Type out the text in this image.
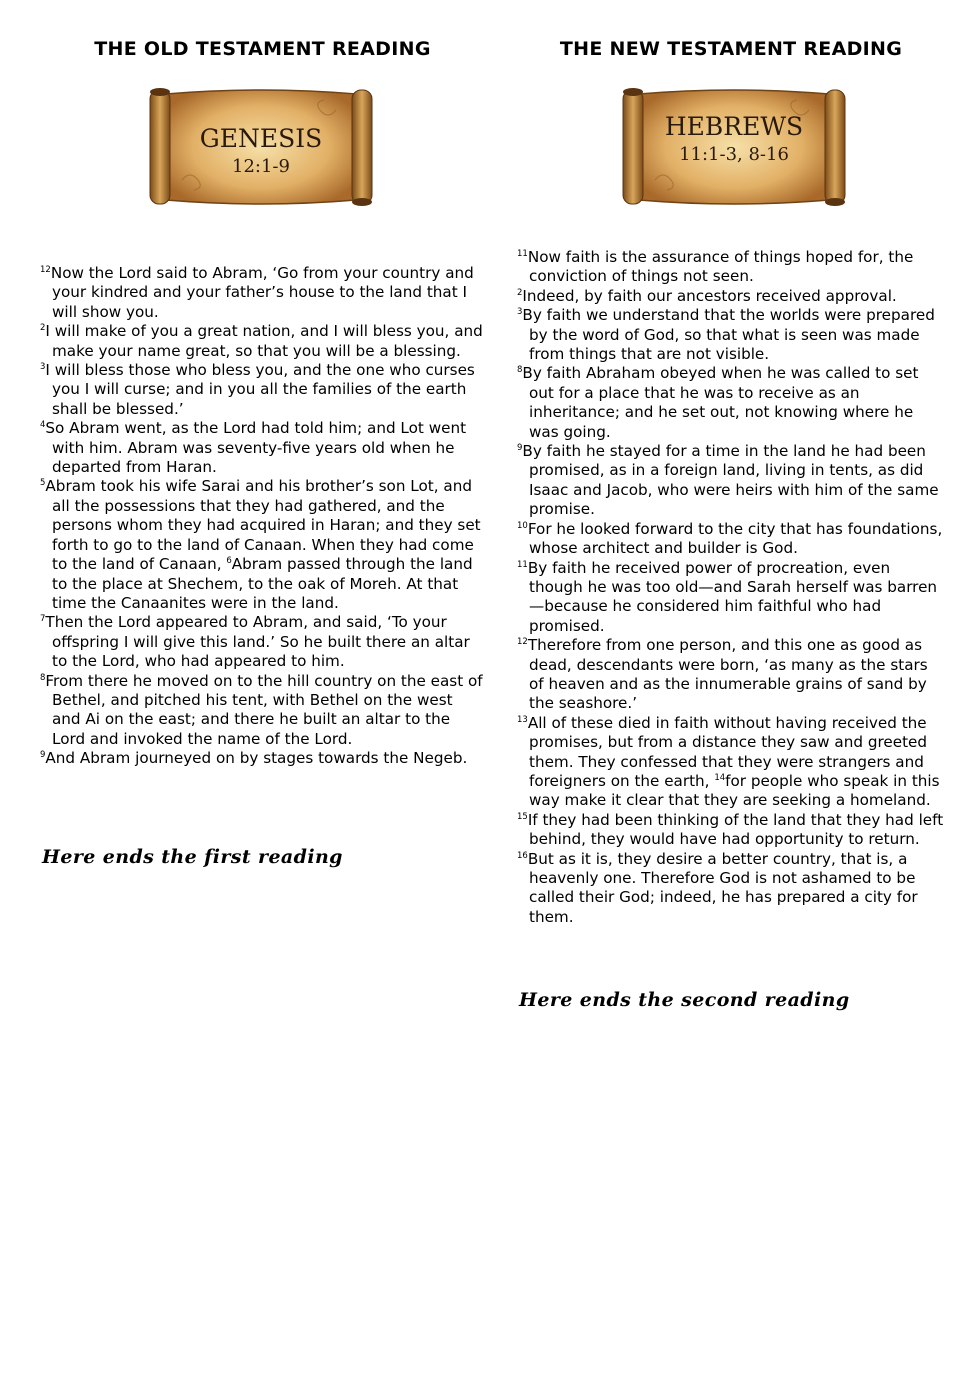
THE OLD TESTAMENT READING
GENESIS
12:1-9

$^{12}$Now the Lord said to Abram, ‘Go from your country and your kindred and your father’s house to the land that I will show you.

$^2$I will make of you a great nation, and I will bless you, and make your name great, so that you will be a blessing.

$^3$I will bless those who bless you, and the one who curses you I will curse; and in you all the families of the earth shall be blessed.’

$^4$So Abram went, as the Lord had told him; and Lot went with him. Abram was seventy-five years old when he departed from Haran.

$^5$Abram took his wife Sarai and his brother’s son Lot, and all the possessions that they had gathered, and the persons whom they had acquired in Haran; and they set forth to go to the land of Canaan. When they had come to the land of Canaan, $^6$Abram passed through the land to the place at Shechem, to the oak of Moreh. At that time the Canaanites were in the land.

$^7$Then the Lord appeared to Abram, and said, ‘To your offspring I will give this land.’ So he built there an altar to the Lord, who had appeared to him.

$^8$From there he moved on to the hill country on the east of Bethel, and pitched his tent, with Bethel on the west and Ai on the east; and there he built an altar to the Lord and invoked the name of the Lord.

$^9$And Abram journeyed on by stages towards the Negeb.

Here ends the first reading
THE NEW TESTAMENT READING
HEBREWS
11:1-3, 8-16

$^{11}$Now faith is the assurance of things hoped for, the conviction of things not seen.

$^2$Indeed, by faith our ancestors received approval.

$^3$By faith we understand that the worlds were prepared by the word of God, so that what is seen was made from things that are not visible.

$^8$By faith Abraham obeyed when he was called to set out for a place that he was to receive as an inheritance; and he set out, not knowing where he was going.

$^9$By faith he stayed for a time in the land he had been promised, as in a foreign land, living in tents, as did Isaac and Jacob, who were heirs with him of the same promise.

$^{10}$For he looked forward to the city that has foundations, whose architect and builder is God.

$^{11}$By faith he received power of procreation, even though he was too old—and Sarah herself was barren—because he considered him faithful who had promised.

$^{12}$Therefore from one person, and this one as good as dead, descendants were born, ‘as many as the stars of heaven and as the innumerable grains of sand by the seashore.’

$^{13}$All of these died in faith without having received the promises, but from a distance they saw and greeted them. They confessed that they were strangers and foreigners on the earth, $^{14}$for people who speak in this way make it clear that they are seeking a homeland.

$^{15}$If they had been thinking of the land that they had left behind, they would have had opportunity to return.

$^{16}$But as it is, they desire a better country, that is, a heavenly one. Therefore God is not ashamed to be called their God; indeed, he has prepared a city for them.

Here ends the second reading
